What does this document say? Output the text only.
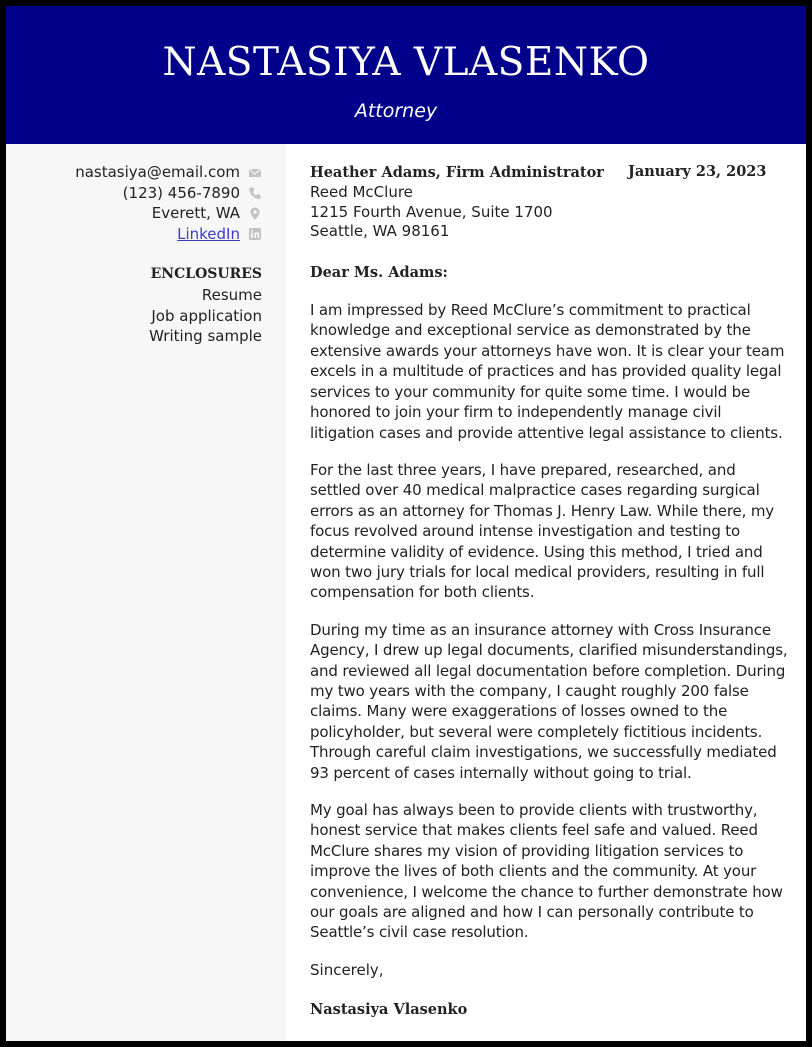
NASTASIYA VLASENKO
Attorney
nastasiya@email.com
(123) 456-7890
Everett, WA
LinkedIn
ENCLOSURES
Resume
Job application
Writing sample
January 23, 2023
Heather Adams, Firm Administrator
Reed McClure
1215 Fourth Avenue, Suite 1700
Seattle, WA 98161
Dear Ms. Adams:

I am impressed by Reed McClure’s commitment to practical knowledge and exceptional service as demonstrated by the extensive awards your attorneys have won. It is clear your team excels in a multitude of practices and has provided quality legal services to your community for quite some time. I would be honored to join your firm to independently manage civil litigation cases and provide attentive legal assistance to clients.

For the last three years, I have prepared, researched, and settled over 40 medical malpractice cases regarding surgical errors as an attorney for Thomas J. Henry Law. While there, my focus revolved around intense investigation and testing to determine validity of evidence. Using this method, I tried and won two jury trials for local medical providers, resulting in full compensation for both clients.

During my time as an insurance attorney with Cross Insurance Agency, I drew up legal documents, clarified misunderstandings, and reviewed all legal documentation before completion. During my two years with the company, I caught roughly 200 false claims. Many were exaggerations of losses owned to the policyholder, but several were completely fictitious incidents. Through careful claim investigations, we successfully mediated 93 percent of cases internally without going to trial.

My goal has always been to provide clients with trustworthy, honest service that makes clients feel safe and valued. Reed McClure shares my vision of providing litigation services to improve the lives of both clients and the community. At your convenience, I welcome the chance to further demonstrate how our goals are aligned and how I can personally contribute to Seattle’s civil case resolution.

Sincerely,
Nastasiya Vlasenko
